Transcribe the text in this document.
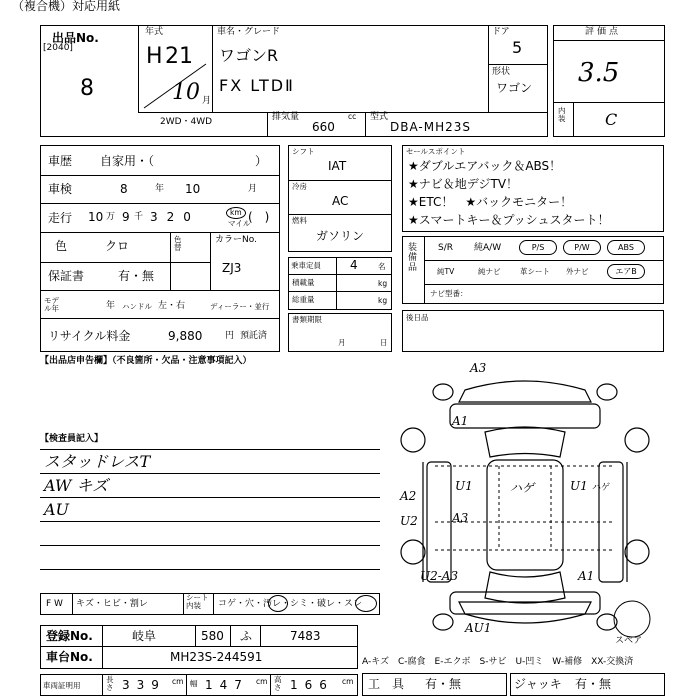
（複合機）対応用紙
出品No.
[2040]
8
年式
H 21
10 月
車名・グレード
ワゴンR
FX LTDⅡ
ドア
5
形状
ワゴン
2WD・4WD	排気量	cc
660
型式
DBA-MH23S
評価点
3.5
内装 C
車歴 自家用・（	）
車検	8	年 10	月
走行 10 万 9 千 320	km
マイル
(　)
色	クロ	色替
カラーNo.
ZJ3
保証書	有・無
モデル年	年 ハンドル 左・右	ディーラー・並行
リサイクル料金	9,880	円 預託済
シフト
IAT
冷房
AC
燃料
ガソリン
乗車定員 4	名
積載量	kg
総重量	kg
書類期限
月	日
セールスポイント
★ダブルエアバック＆ABS！
★ナビ＆地デジTV！
★ETC！　★バックモニター！
★スマートキー＆プッシュスタート！
装備品
S/R 純A/W	P/S	P/W	ABS
純TV	純ナビ	革シート 外ナビ	エアB
ナビ型番：
後日品
【出品店申告欄】（不良箇所・欠品・注意事項記入）
【検査員記入】
スタッドレスT
AW キズ
AU
F W キズ・ヒビ・割レ
シート内装	コゲ・穴・汚レ・シミ・破レ・スレ
登録No.	岐阜	580 ふ	7483
車台No.	MH23S-244591
車両証明用
長さ 339 cm 幅 147 cm 高さ 166 cm
A-キズ　C-腐食　E-エクボ　S-サビ　U-凹ミ　W-補修　XX-交換済
工　具 有・無	ジャッキ 有・無
A3
A1
A2
U2	A3
U1	ハゲ	U1 ハゲ
U2-A3	A1
AU1
スペア
